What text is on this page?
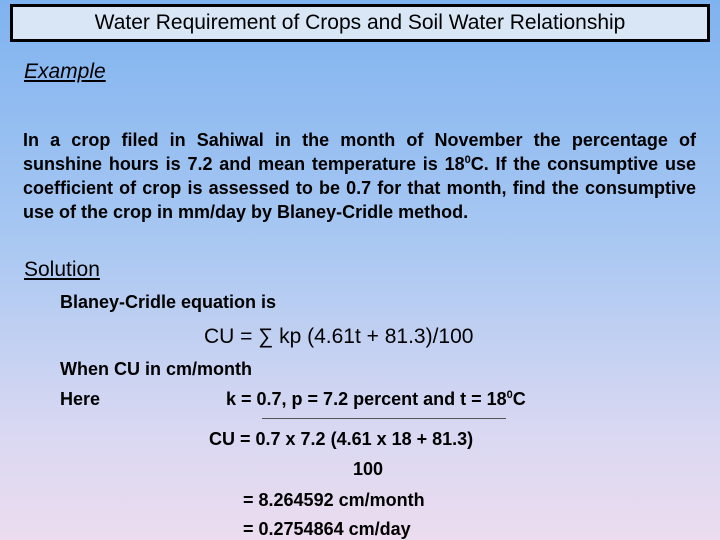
Water Requirement of Crops and Soil Water Relationship
Example
In a crop filed in Sahiwal in the month of November the percentage of sunshine hours is 7.2 and mean temperature is $18^0C$. If the consumptive use coefficient of crop is assessed to be 0.7 for that month, find the consumptive use of the crop in mm/day by Blaney-Cridle method.
Solution
Blaney-Cridle equation is
CU = ∑ kp (4.61t + 81.3)/100
When CU in cm/month
Here	k = 0.7, p = 7.2 percent and $t = 18^0C$
CU = 0.7 x 7.2 (4.61 x 18 + 81.3)
100
= 8.264592 cm/month
= 0.2754864 cm/day
